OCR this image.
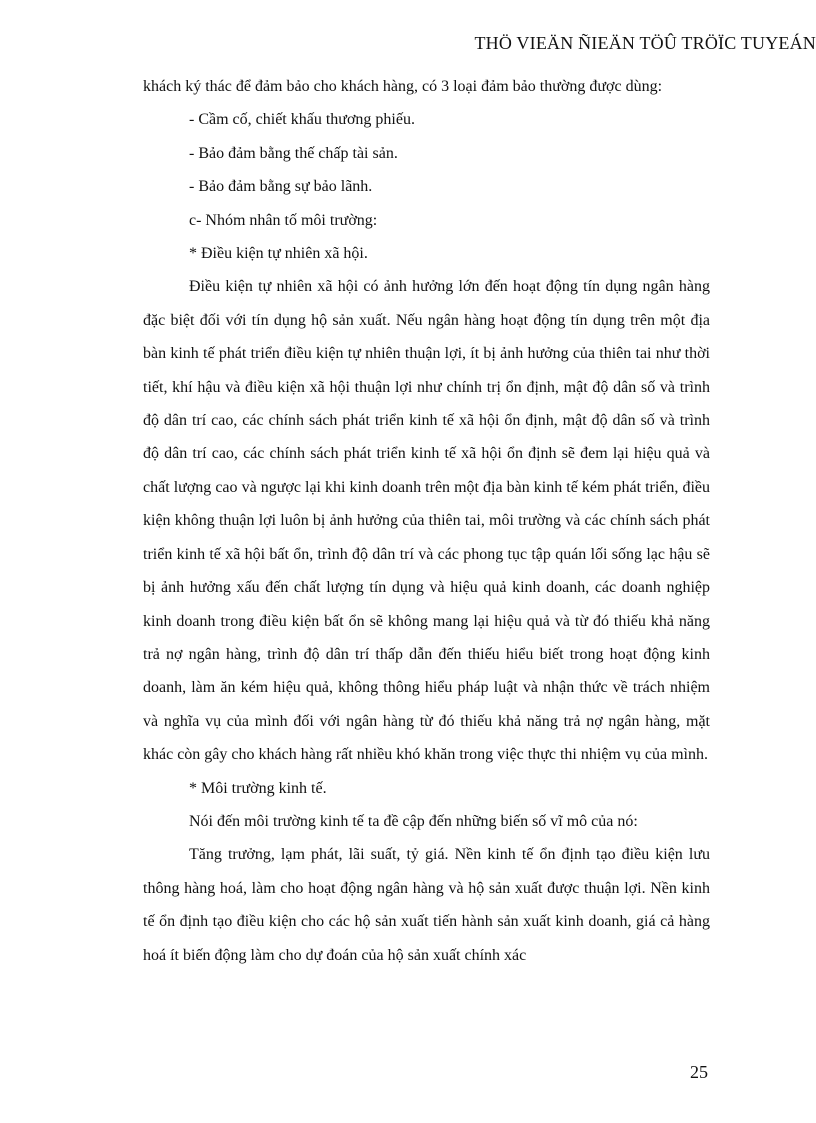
THÖ VIEÄN ÑIEÄN TÖÛ TRÖÏC TUYEÁN

khách ký thác để đảm bảo cho khách hàng, có 3 loại đảm bảo thường được dùng:

- Cầm cố, chiết khấu thương phiếu.

- Bảo đảm bằng thế chấp tài sản.

- Bảo đảm bằng sự bảo lãnh.

c- Nhóm nhân tố môi trường:

* Điều kiện tự nhiên xã hội.

Điều kiện tự nhiên xã hội có ảnh hưởng lớn đến hoạt động tín dụng ngân hàng đặc biệt đối với tín dụng hộ sản xuất. Nếu ngân hàng hoạt động tín dụng trên một địa bàn kinh tế phát triển điều kiện tự nhiên thuận lợi, ít bị ảnh hưởng của thiên tai như thời tiết, khí hậu và điều kiện xã hội thuận lợi như chính trị ổn định, mật độ dân số và trình độ dân trí cao, các chính sách phát triển kinh tế xã hội ổn định, mật độ dân số và trình độ dân trí cao, các chính sách phát triển kinh tế xã hội ổn định sẽ đem lại hiệu quả và chất lượng cao và ngược lại khi kinh doanh trên một địa bàn kinh tế kém phát triển, điều kiện không thuận lợi luôn bị ảnh hưởng của thiên tai, môi trường và các chính sách phát triển kinh tế xã hội bất ổn, trình độ dân trí và các phong tục tập quán lối sống lạc hậu sẽ bị ảnh hưởng xấu đến chất lượng tín dụng và hiệu quả kinh doanh, các doanh nghiệp kinh doanh trong điều kiện bất ổn sẽ không mang lại hiệu quả và từ đó thiếu khả năng trả nợ ngân hàng, trình độ dân trí thấp dẫn đến thiếu hiểu biết trong hoạt động kinh doanh, làm ăn kém hiệu quả, không thông hiểu pháp luật và nhận thức về trách nhiệm và nghĩa vụ của mình đối với ngân hàng từ đó thiếu khả năng trả nợ ngân hàng, mặt khác còn gây cho khách hàng rất nhiều khó khăn trong việc thực thi nhiệm vụ của mình.

* Môi trường kinh tế.

Nói đến môi trường kinh tế ta đề cập đến những biến số vĩ mô của nó:

Tăng trưởng, lạm phát, lãi suất, tỷ giá. Nền kinh tế ổn định tạo điều kiện lưu thông hàng hoá, làm cho hoạt động ngân hàng và hộ sản xuất được thuận lợi. Nền kinh tế ổn định tạo điều kiện cho các hộ sản xuất tiến hành sản xuất kinh doanh, giá cả hàng hoá ít biến động làm cho dự đoán của hộ sản xuất chính xác

25
